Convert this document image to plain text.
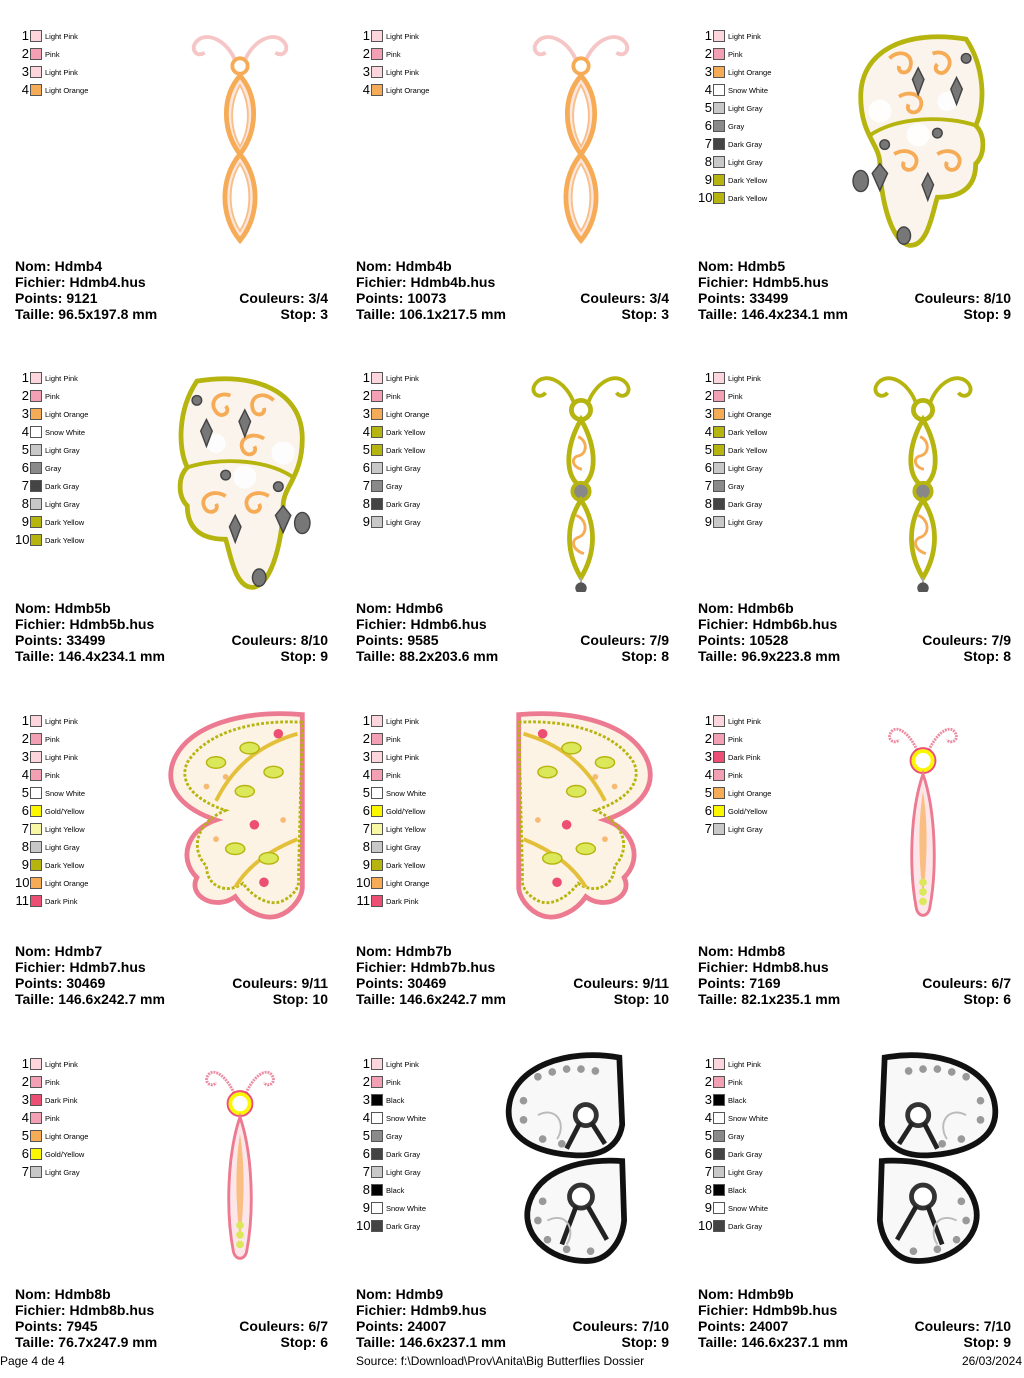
1 Light Pink
2 Pink
3 Light Pink
4 Light Orange
Nom: Hdmb4
Fichier: Hdmb4.hus
Points: 9121	Couleurs: 3/4
Taille: 96.5x197.8 mm	Stop: 3
1 Light Pink
2 Pink
3 Light Pink
4 Light Orange
Nom: Hdmb4b
Fichier: Hdmb4b.hus
Points: 10073	Couleurs: 3/4
Taille: 106.1x217.5 mm	Stop: 3
1 Light Pink
2 Pink
3 Light Orange
4 Snow White
5 Light Gray
6 Gray
7 Dark Gray
8 Light Gray
9 Dark Yellow
10 Dark Yellow
Nom: Hdmb5
Fichier: Hdmb5.hus
Points: 33499	Couleurs: 8/10
Taille: 146.4x234.1 mm	Stop: 9
1 Light Pink
2 Pink
3 Light Orange
4 Snow White
5 Light Gray
6 Gray
7 Dark Gray
8 Light Gray
9 Dark Yellow
10 Dark Yellow
Nom: Hdmb5b
Fichier: Hdmb5b.hus
Points: 33499	Couleurs: 8/10
Taille: 146.4x234.1 mm	Stop: 9
1 Light Pink
2 Pink
3 Light Orange
4 Dark Yellow
5 Dark Yellow
6 Light Gray
7 Gray
8 Dark Gray
9 Light Gray
Nom: Hdmb6
Fichier: Hdmb6.hus
Points: 9585	Couleurs: 7/9
Taille: 88.2x203.6 mm	Stop: 8
1 Light Pink
2 Pink
3 Light Orange
4 Dark Yellow
5 Dark Yellow
6 Light Gray
7 Gray
8 Dark Gray
9 Light Gray
Nom: Hdmb6b
Fichier: Hdmb6b.hus
Points: 10528	Couleurs: 7/9
Taille: 96.9x223.8 mm	Stop: 8
1 Light Pink
2 Pink
3 Light Pink
4 Pink
5 Snow White
6 Gold/Yellow
7 Light Yellow
8 Light Gray
9 Dark Yellow
10 Light Orange
11 Dark Pink
Nom: Hdmb7
Fichier: Hdmb7.hus
Points: 30469	Couleurs: 9/11
Taille: 146.6x242.7 mm	Stop: 10
1 Light Pink
2 Pink
3 Light Pink
4 Pink
5 Snow White
6 Gold/Yellow
7 Light Yellow
8 Light Gray
9 Dark Yellow
10 Light Orange
11 Dark Pink
Nom: Hdmb7b
Fichier: Hdmb7b.hus
Points: 30469	Couleurs: 9/11
Taille: 146.6x242.7 mm	Stop: 10
1 Light Pink
2 Pink
3 Dark Pink
4 Pink
5 Light Orange
6 Gold/Yellow
7 Light Gray
Nom: Hdmb8
Fichier: Hdmb8.hus
Points: 7169	Couleurs: 6/7
Taille: 82.1x235.1 mm	Stop: 6
1 Light Pink
2 Pink
3 Dark Pink
4 Pink
5 Light Orange
6 Gold/Yellow
7 Light Gray
Nom: Hdmb8b
Fichier: Hdmb8b.hus
Points: 7945	Couleurs: 6/7
Taille: 76.7x247.9 mm	Stop: 6
1 Light Pink
2 Pink
3 Black
4 Snow White
5 Gray
6 Dark Gray
7 Light Gray
8 Black
9 Snow White
10 Dark Gray
Nom: Hdmb9
Fichier: Hdmb9.hus
Points: 24007	Couleurs: 7/10
Taille: 146.6x237.1 mm	Stop: 9
1 Light Pink
2 Pink
3 Black
4 Snow White
5 Gray
6 Dark Gray
7 Light Gray
8 Black
9 Snow White
10 Dark Gray
Nom: Hdmb9b
Fichier: Hdmb9b.hus
Points: 24007	Couleurs: 7/10
Taille: 146.6x237.1 mm	Stop: 9
Page 4 de 4	Source: f:\Download\Prov\Anita\Big Butterflies Dossier	26/03/2024
